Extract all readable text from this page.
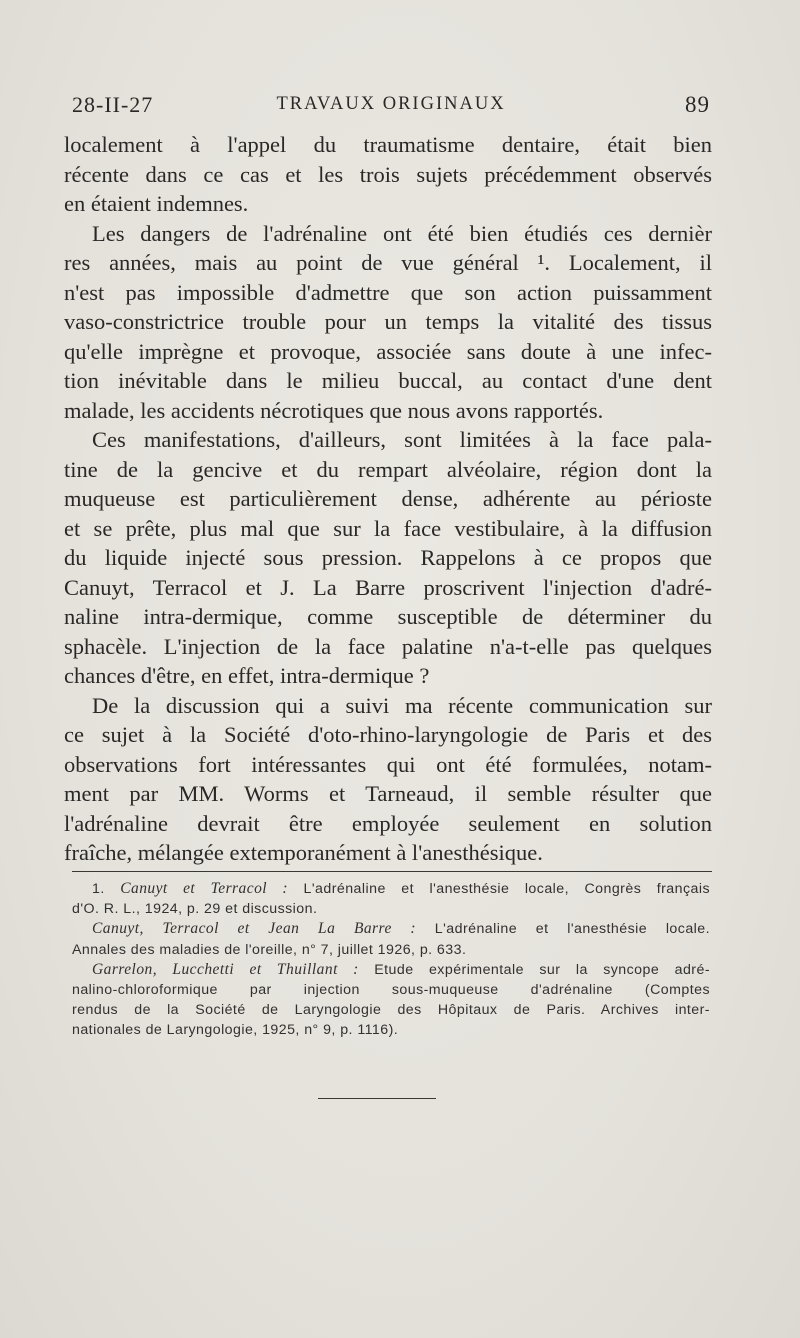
28-II-27	TRAVAUX ORIGINAUX	89
localement à l'appel du traumatisme dentaire, était bien
récente dans ce cas et les trois sujets précédemment observés
en étaient indemnes.
Les dangers de l'adrénaline ont été bien étudiés ces dernièr
res années, mais au point de vue général ¹. Localement, il
n'est pas impossible d'admettre que son action puissamment
vaso-constrictrice trouble pour un temps la vitalité des tissus
qu'elle imprègne et provoque, associée sans doute à une infec-
tion inévitable dans le milieu buccal, au contact d'une dent
malade, les accidents nécrotiques que nous avons rapportés.
Ces manifestations, d'ailleurs, sont limitées à la face pala-
tine de la gencive et du rempart alvéolaire, région dont la
muqueuse est particulièrement dense, adhérente au périoste
et se prête, plus mal que sur la face vestibulaire, à la diffusion
du liquide injecté sous pression. Rappelons à ce propos que
Canuyt, Terracol et J. La Barre proscrivent l'injection d'adré-
naline intra-dermique, comme susceptible de déterminer du
sphacèle. L'injection de la face palatine n'a-t-elle pas quelques
chances d'être, en effet, intra-dermique ?
De la discussion qui a suivi ma récente communication sur
ce sujet à la Société d'oto-rhino-laryngologie de Paris et des
observations fort intéressantes qui ont été formulées, notam-
ment par MM. Worms et Tarneaud, il semble résulter que
l'adrénaline devrait être employée seulement en solution
fraîche, mélangée extemporanément à l'anesthésique.
1. Canuyt et Terracol : L'adrénaline et l'anesthésie locale, Congrès français
d'O. R. L., 1924, p. 29 et discussion.
Canuyt, Terracol et Jean La Barre : L'adrénaline et l'anesthésie locale.
Annales des maladies de l'oreille, n° 7, juillet 1926, p. 633.
Garrelon, Lucchetti et Thuillant : Etude expérimentale sur la syncope adré-
nalino-chloroformique par injection sous-muqueuse d'adrénaline (Comptes
rendus de la Société de Laryngologie des Hôpitaux de Paris. Archives inter-
nationales de Laryngologie, 1925, n° 9, p. 1116).
